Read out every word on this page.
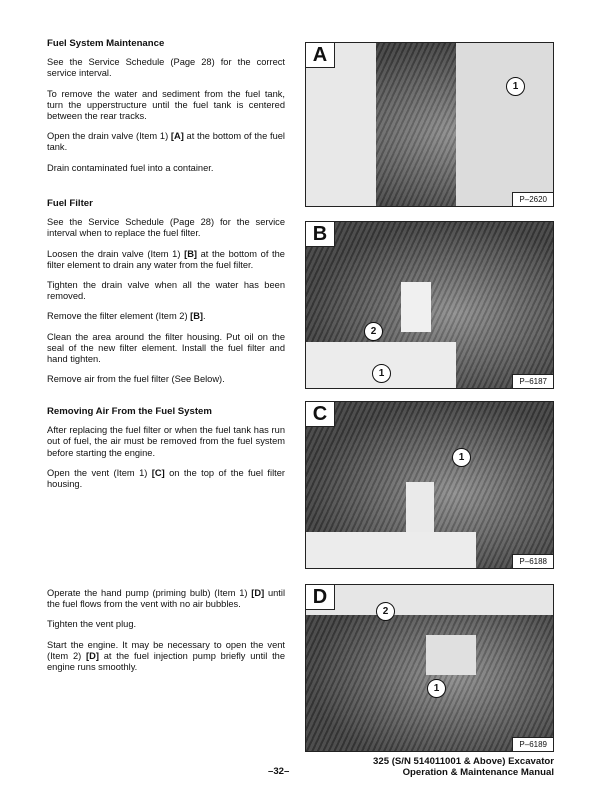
Fuel System Maintenance

See the Service Schedule (Page 28) for the correct service interval.

To remove the water and sediment from the fuel tank, turn the upperstructure until the fuel tank is centered between the rear tracks.

Open the drain valve (Item 1) [A] at the bottom of the fuel tank.

Drain contaminated fuel into a container.

Fuel Filter

See the Service Schedule (Page 28) for the service interval when to replace the fuel filter.

Loosen the drain valve (Item 1) [B] at the bottom of the filter element to drain any water from the fuel filter.

Tighten the drain valve when all the water has been removed.

Remove the filter element (Item 2) [B].

Clean the area around the filter housing. Put oil on the seal of the new filter element. Install the fuel filter and hand tighten.

Remove air from the fuel filter (See Below).

Removing Air From the Fuel System

After replacing the fuel filter or when the fuel tank has run out of fuel, the air must be removed from the fuel system before starting the engine.

Open the vent (Item 1) [C] on the top of the fuel filter housing.

Operate the hand pump (priming bulb) (Item 1) [D] until the fuel flows from the vent with no air bubbles.

Tighten the vent plug.

Start the engine. It may be necessary to open the vent (Item 2) [D] at the fuel injection pump briefly until the engine runs smoothly.

A
1
P–2620
B
2
1
P–6187
C
1
P–6188
D
2
1
P–6189
–32–
325 (S/N 514011001 & Above) Excavator
Operation & Maintenance Manual
